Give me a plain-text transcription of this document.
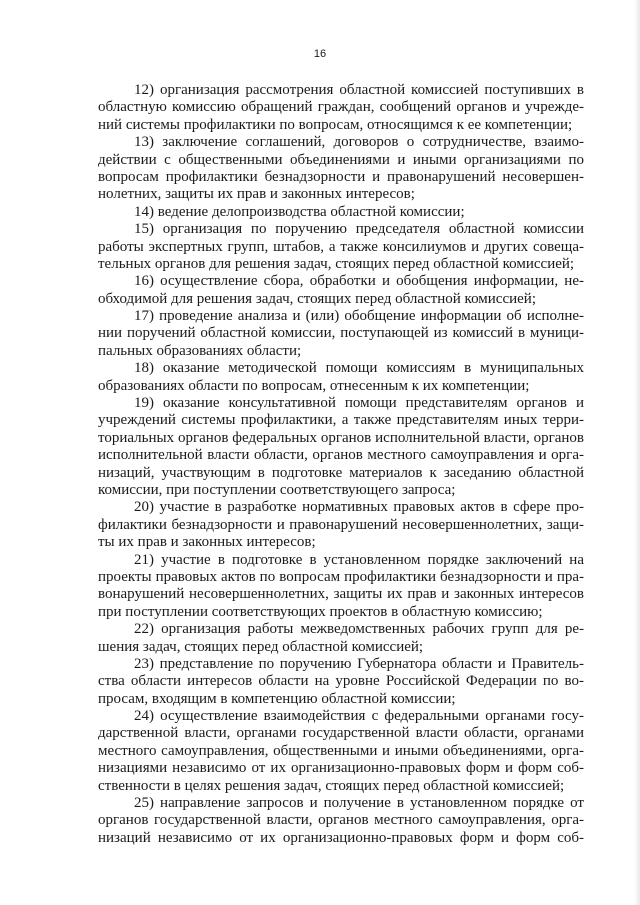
16
12) организация рассмотрения областной комиссией поступивших в
областную комиссию обращений граждан, сообщений органов и учрежде-
ний системы профилактики по вопросам, относящимся к ее компетенции;
13) заключение соглашений, договоров о сотрудничестве, взаимо-
действии с общественными объединениями и иными организациями по
вопросам профилактики безнадзорности и правонарушений несовершен-
нолетних, защиты их прав и законных интересов;
14) ведение делопроизводства областной комиссии;
15) организация по поручению председателя областной комиссии
работы экспертных групп, штабов, а также консилиумов и других совеща-
тельных органов для решения задач, стоящих перед областной комиссией;
16) осуществление сбора, обработки и обобщения информации, не-
обходимой для решения задач, стоящих перед областной комиссией;
17) проведение анализа и (или) обобщение информации об исполне-
нии поручений областной комиссии, поступающей из комиссий в муници-
пальных образованиях области;
18) оказание методической помощи комиссиям в муниципальных
образованиях области по вопросам, отнесенным к их компетенции;
19) оказание консультативной помощи представителям органов и
учреждений системы профилактики, а также представителям иных терри-
ториальных органов федеральных органов исполнительной власти, органов
исполнительной власти области, органов местного самоуправления и орга-
низаций, участвующим в подготовке материалов к заседанию областной
комиссии, при поступлении соответствующего запроса;
20) участие в разработке нормативных правовых актов в сфере про-
филактики безнадзорности и правонарушений несовершеннолетних, защи-
ты их прав и законных интересов;
21) участие в подготовке в установленном порядке заключений на
проекты правовых актов по вопросам профилактики безнадзорности и пра-
вонарушений несовершеннолетних, защиты их прав и законных интересов
при поступлении соответствующих проектов в областную комиссию;
22) организация работы межведомственных рабочих групп для ре-
шения задач, стоящих перед областной комиссией;
23) представление по поручению Губернатора области и Правитель-
ства области интересов области на уровне Российской Федерации по во-
просам, входящим в компетенцию областной комиссии;
24) осуществление взаимодействия с федеральными органами госу-
дарственной власти, органами государственной власти области, органами
местного самоуправления, общественными и иными объединениями, орга-
низациями независимо от их организационно-правовых форм и форм соб-
ственности в целях решения задач, стоящих перед областной комиссией;
25) направление запросов и получение в установленном порядке от
органов государственной власти, органов местного самоуправления, орга-
низаций независимо от их организационно-правовых форм и форм соб-
